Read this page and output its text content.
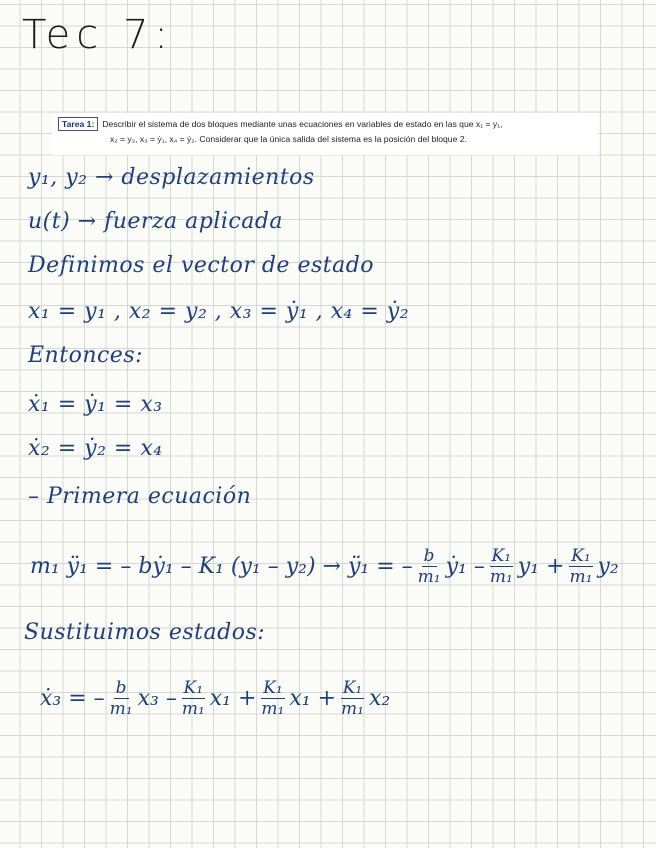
Tec 7:
Tarea 1: Describir el sistema de dos bloques mediante unas ecuaciones en variables de estado en las que x₁ = y₁,
x₂ = y₂, x₃ = ẏ₁, x₄ = ẏ₂. Considerar que la única salida del sistema es la posición del bloque 2.
y₁, y₂ → desplazamientos
u(t) → fuerza aplicada
Definimos el vector de estado
x₁ = y₁ , x₂ = y₂ , x₃ = ẏ₁ , x₄ = ẏ₂
Entonces:
ẋ₁ = ẏ₁ = x₃
ẋ₂ = ẏ₂ = x₄
– Primera ecuación
m₁ ÿ₁ = – bẏ₁ – K₁ (y₁ – y₂) → ÿ₁ = – $\frac{b}{\text{m₁}}$ ẏ₁ – $\frac{\text{K₁}}{\text{m₁}} y_1 + \frac{\text{K₁}}{\text{m₁}} y_2$
Sustituimos estados:
ẋ₃ = – $\frac{b}{\text{m₁}} x_3 - \frac{\text{K₁}}{\text{m₁}} x_1 + \frac{\text{K₁}}{\text{m₁}} x_1 + \frac{\text{K₁}}{\text{m₁}} x_2$
